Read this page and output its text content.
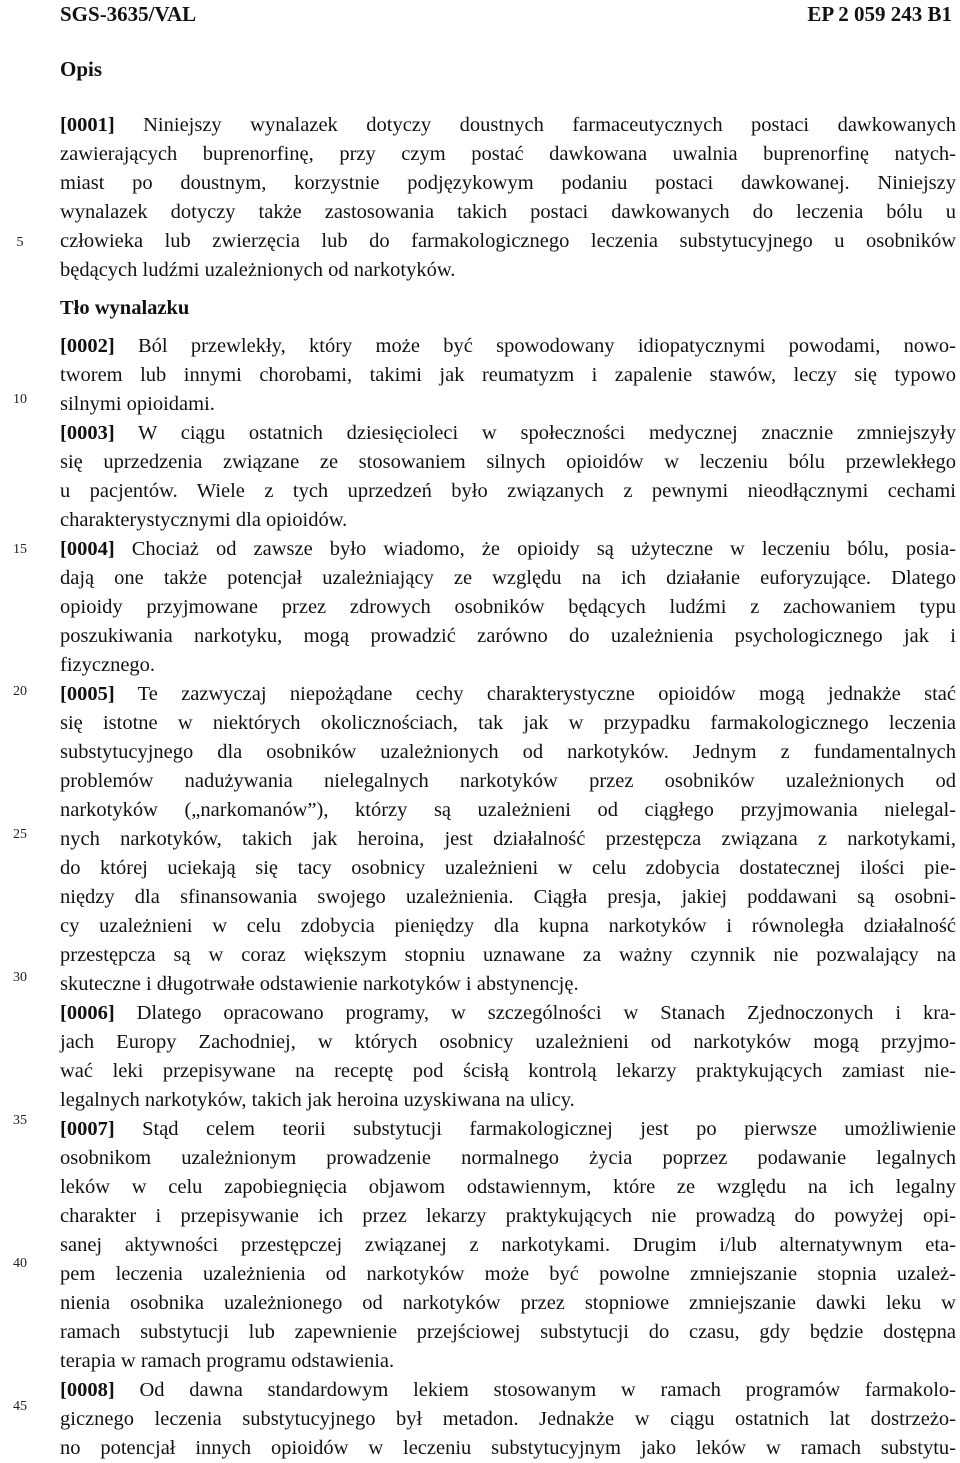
SGS-3635/VAL	EP 2 059 243 B1
Opis
5
10
15
20
25
30
35
40
45
[0001] Niniejszy wynalazek dotyczy doustnych farmaceutycznych postaci dawkowanych
zawierających buprenorfinę, przy czym postać dawkowana uwalnia buprenorfinę natych-
miast po doustnym, korzystnie podjęzykowym podaniu postaci dawkowanej. Niniejszy
wynalazek dotyczy także zastosowania takich postaci dawkowanych do leczenia bólu u
człowieka lub zwierzęcia lub do farmakologicznego leczenia substytucyjnego u osobników
będących ludźmi uzależnionych od narkotyków.
[0002] Ból przewlekły, który może być spowodowany idiopatycznymi powodami, nowo-
tworem lub innymi chorobami, takimi jak reumatyzm i zapalenie stawów, leczy się typowo
silnymi opioidami.
[0003] W ciągu ostatnich dziesięcioleci w społeczności medycznej znacznie zmniejszyły
się uprzedzenia związane ze stosowaniem silnych opioidów w leczeniu bólu przewlekłego
u pacjentów. Wiele z tych uprzedzeń było związanych z pewnymi nieodłącznymi cechami
charakterystycznymi dla opioidów.
[0004] Chociaż od zawsze było wiadomo, że opioidy są użyteczne w leczeniu bólu, posia-
dają one także potencjał uzależniający ze względu na ich działanie euforyzujące. Dlatego
opioidy przyjmowane przez zdrowych osobników będących ludźmi z zachowaniem typu
poszukiwania narkotyku, mogą prowadzić zarówno do uzależnienia psychologicznego jak i
fizycznego.
[0005] Te zazwyczaj niepożądane cechy charakterystyczne opioidów mogą jednakże stać
się istotne w niektórych okolicznościach, tak jak w przypadku farmakologicznego leczenia
substytucyjnego dla osobników uzależnionych od narkotyków. Jednym z fundamentalnych
problemów nadużywania nielegalnych narkotyków przez osobników uzależnionych od
narkotyków („narkomanów”), którzy są uzależnieni od ciągłego przyjmowania nielegal-
nych narkotyków, takich jak heroina, jest działalność przestępcza związana z narkotykami,
do której uciekają się tacy osobnicy uzależnieni w celu zdobycia dostatecznej ilości pie-
niędzy dla sfinansowania swojego uzależnienia. Ciągła presja, jakiej poddawani są osobni-
cy uzależnieni w celu zdobycia pieniędzy dla kupna narkotyków i równoległa działalność
przestępcza są w coraz większym stopniu uznawane za ważny czynnik nie pozwalający na
skuteczne i długotrwałe odstawienie narkotyków i abstynencję.
[0006] Dlatego opracowano programy, w szczególności w Stanach Zjednoczonych i kra-
jach Europy Zachodniej, w których osobnicy uzależnieni od narkotyków mogą przyjmo-
wać leki przepisywane na receptę pod ścisłą kontrolą lekarzy praktykujących zamiast nie-
legalnych narkotyków, takich jak heroina uzyskiwana na ulicy.
[0007] Stąd celem teorii substytucji farmakologicznej jest po pierwsze umożliwienie
osobnikom uzależnionym prowadzenie normalnego życia poprzez podawanie legalnych
leków w celu zapobiegnięcia objawom odstawiennym, które ze względu na ich legalny
charakter i przepisywanie ich przez lekarzy praktykujących nie prowadzą do powyżej opi-
sanej aktywności przestępczej związanej z narkotykami. Drugim i/lub alternatywnym eta-
pem leczenia uzależnienia od narkotyków może być powolne zmniejszanie stopnia uzależ-
nienia osobnika uzależnionego od narkotyków przez stopniowe zmniejszanie dawki leku w
ramach substytucji lub zapewnienie przejściowej substytucji do czasu, gdy będzie dostępna
terapia w ramach programu odstawienia.
[0008] Od dawna standardowym lekiem stosowanym w ramach programów farmakolo-
gicznego leczenia substytucyjnego był metadon. Jednakże w ciągu ostatnich lat dostrzeżo-
no potencjał innych opioidów w leczeniu substytucyjnym jako leków w ramach substytu-
Tło wynalazku
